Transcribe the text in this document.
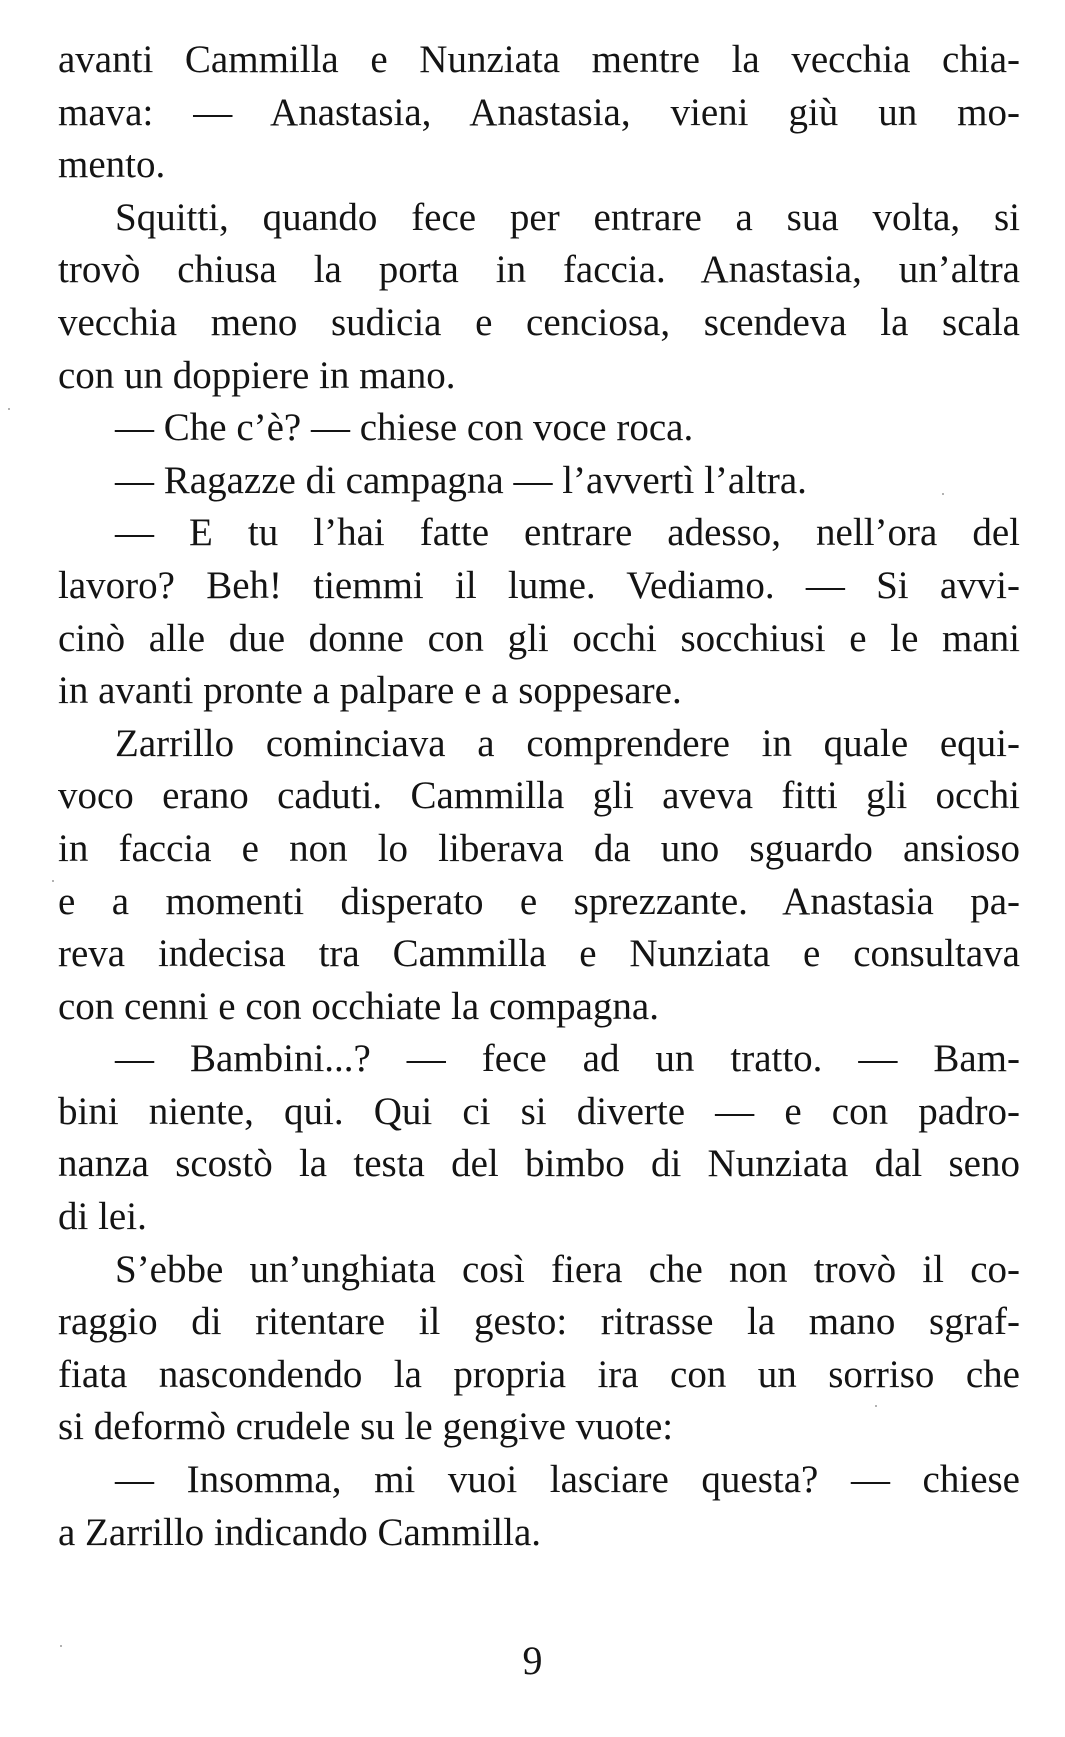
avanti Cammilla e Nunziata mentre la vecchia chia-
mava: — Anastasia, Anastasia, vieni giù un mo-
mento.
Squitti, quando fece per entrare a sua volta, si
trovò chiusa la porta in faccia. Anastasia, un’altra
vecchia meno sudicia e cenciosa, scendeva la scala
con un doppiere in mano.
— Che c’è? — chiese con voce roca.
— Ragazze di campagna — l’avvertì l’altra.
— E tu l’hai fatte entrare adesso, nell’ora del
lavoro? Beh! tiemmi il lume. Vediamo. — Si avvi-
cinò alle due donne con gli occhi socchiusi e le mani
in avanti pronte a palpare e a soppesare.
Zarrillo cominciava a comprendere in quale equi-
voco erano caduti. Cammilla gli aveva fitti gli occhi
in faccia e non lo liberava da uno sguardo ansioso
e a momenti disperato e sprezzante. Anastasia pa-
reva indecisa tra Cammilla e Nunziata e consultava
con cenni e con occhiate la compagna.
— Bambini...? — fece ad un tratto. — Bam-
bini niente, qui. Qui ci si diverte — e con padro-
nanza scostò la testa del bimbo di Nunziata dal seno
di lei.
S’ebbe un’unghiata così fiera che non trovò il co-
raggio di ritentare il gesto: ritrasse la mano sgraf-
fiata nascondendo la propria ira con un sorriso che
si deformò crudele su le gengive vuote:
— Insomma, mi vuoi lasciare questa? — chiese
a Zarrillo indicando Cammilla.
9
